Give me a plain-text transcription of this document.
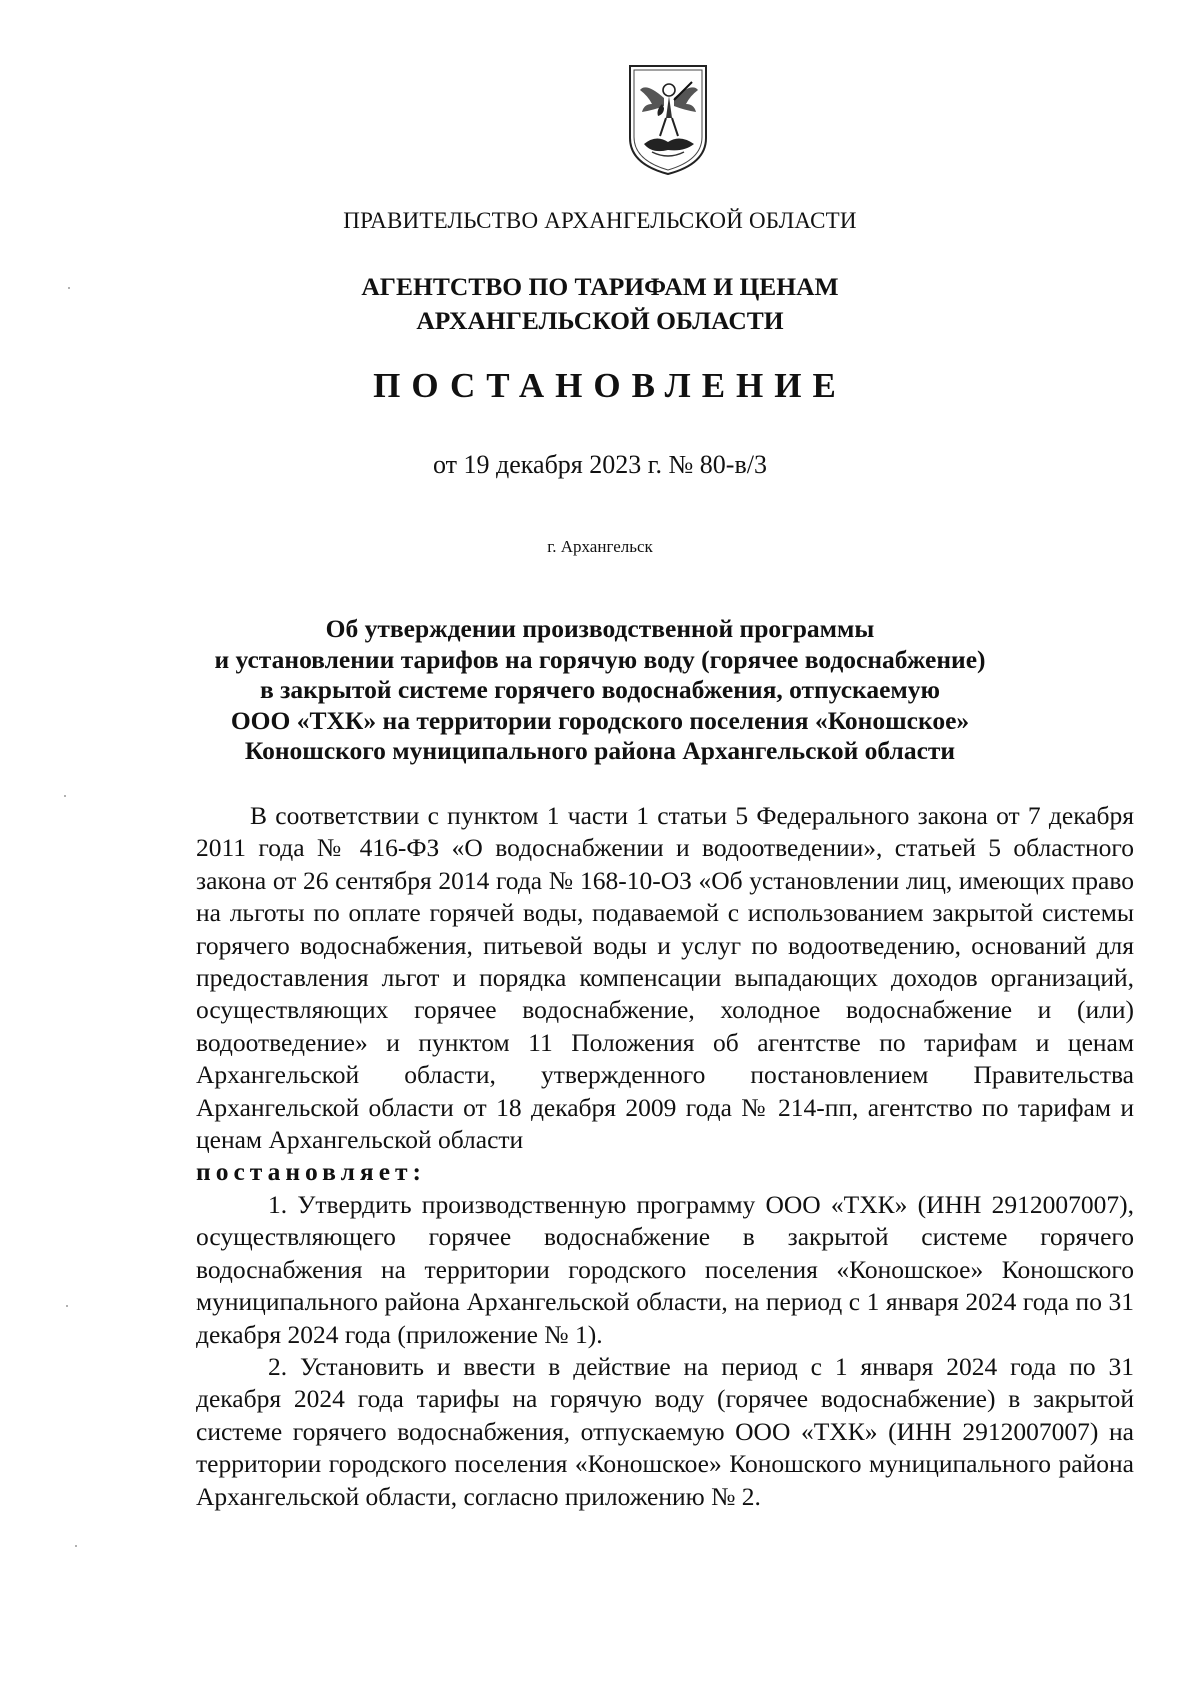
ПРАВИТЕЛЬСТВО АРХАНГЕЛЬСКОЙ ОБЛАСТИ
АГЕНТСТВО ПО ТАРИФАМ И ЦЕНАМ
АРХАНГЕЛЬСКОЙ ОБЛАСТИ
ПОСТАНОВЛЕНИЕ
от 19 декабря 2023 г. № 80-в/3
г. Архангельск
Об утверждении производственной программы
и установлении тарифов на горячую воду (горячее водоснабжение)
в закрытой системе горячего водоснабжения, отпускаемую
ООО «ТХК» на территории городского поселения «Коношское»
Коношского муниципального района Архангельской области

В соответствии с пунктом 1 части 1 статьи 5 Федерального закона от 7 декабря 2011 года № 416-ФЗ «О водоснабжении и водоотведении», статьей 5 областного закона от 26 сентября 2014 года № 168-10-ОЗ «Об установлении лиц, имеющих право на льготы по оплате горячей воды, подаваемой с использованием закрытой системы горячего водоснабжения, питьевой воды и услуг по водоотведению, оснований для предоставления льгот и порядка компенсации выпадающих доходов организаций, осуществляющих горячее водоснабжение, холодное водоснабжение и (или) водоотведение» и пунктом 11 Положения об агентстве по тарифам и ценам Архангельской области, утвержденного постановлением Правительства Архангельской области от 18 декабря 2009 года № 214-пп, агентство по тарифам и ценам Архангельской области

постановляет:

1. Утвердить производственную программу ООО «ТХК» (ИНН 2912007007), осуществляющего горячее водоснабжение в закрытой системе горячего водоснабжения на территории городского поселения «Коношское» Коношского муниципального района Архангельской области, на период с 1 января 2024 года по 31 декабря 2024 года (приложение № 1).

2. Установить и ввести в действие на период с 1 января 2024 года по 31 декабря 2024 года тарифы на горячую воду (горячее водоснабжение) в закрытой системе горячего водоснабжения, отпускаемую ООО «ТХК» (ИНН 2912007007) на территории городского поселения «Коношское» Коношского муниципального района Архангельской области, согласно приложению № 2.
